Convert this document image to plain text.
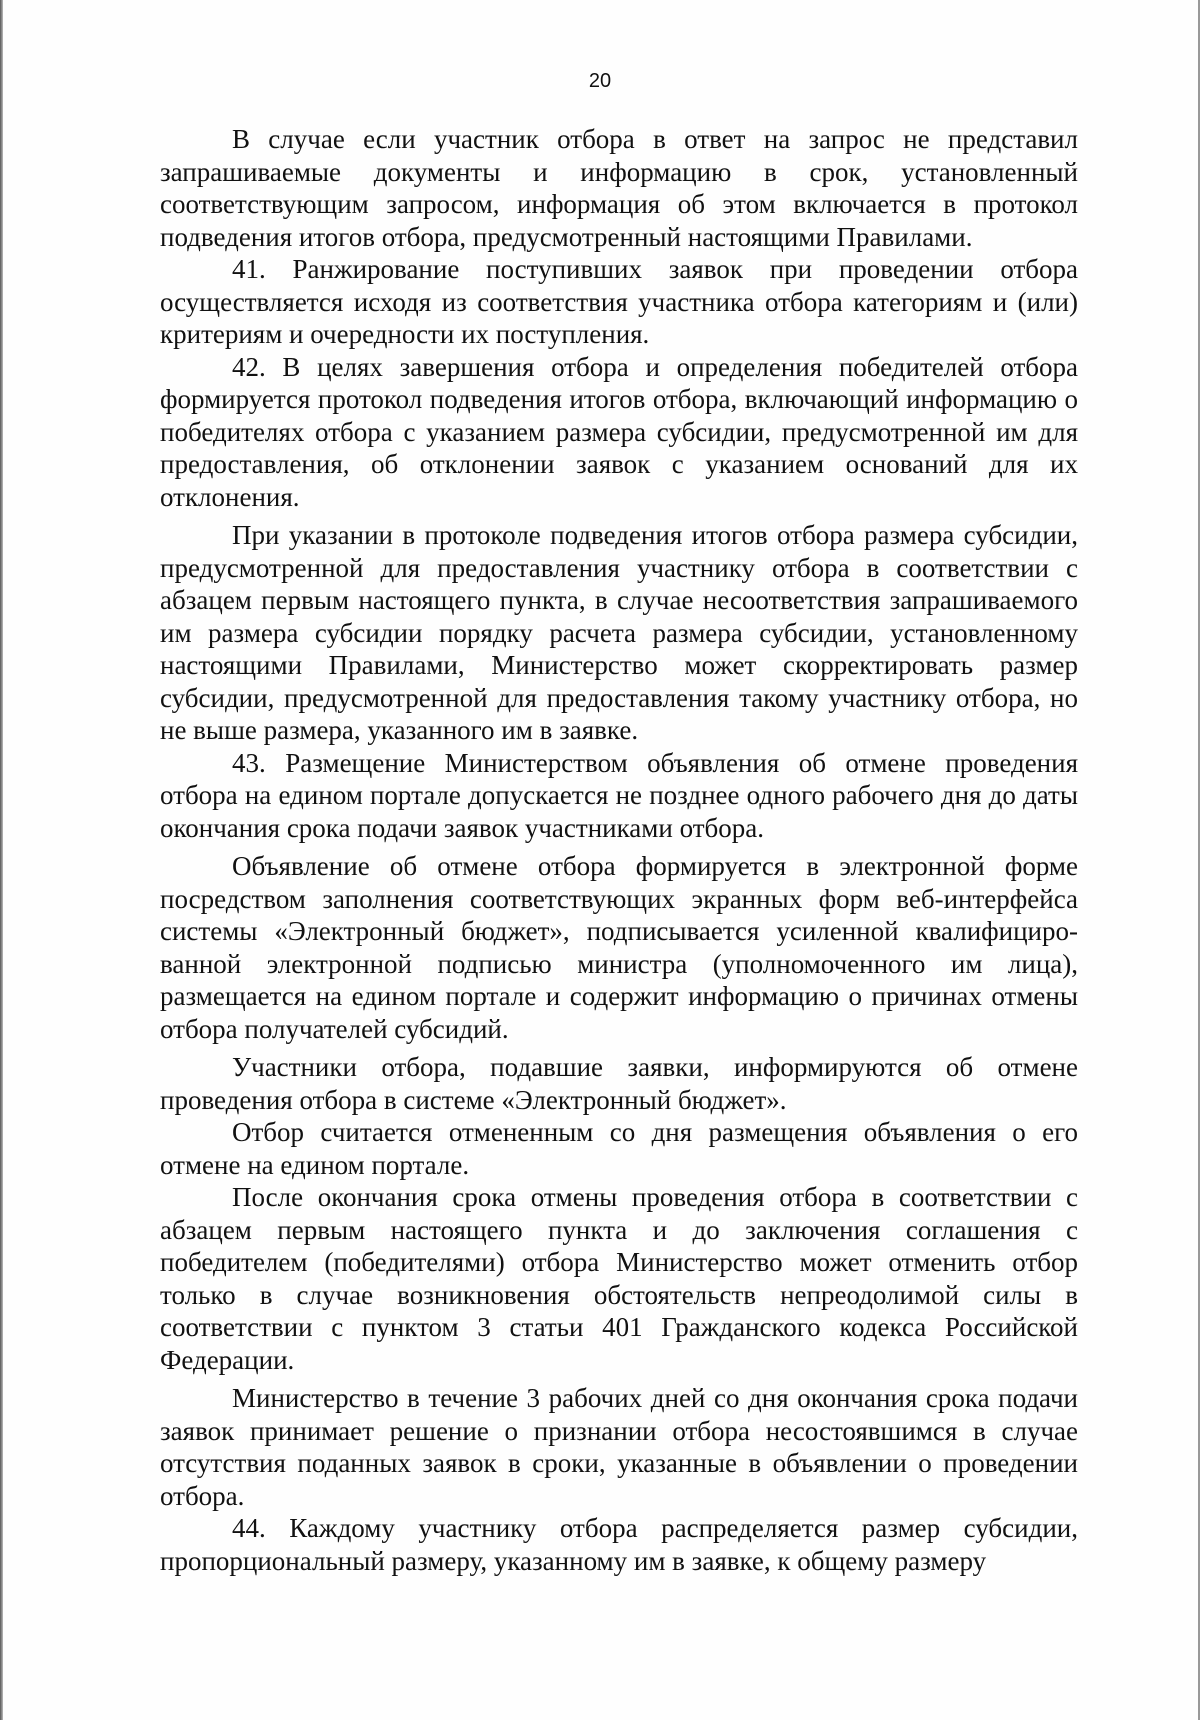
20

В случае если участник отбора в ответ на запрос не представил запрашиваемые документы и информацию в срок, установленный соответствующим запросом, информация об этом включается в протокол подведения итогов отбора, предусмотренный настоящими Правилами.

41. Ранжирование поступивших заявок при проведении отбора осуществляется исходя из соответствия участника отбора категориям и (или) критериям и очередности их поступления.

42. В целях завершения отбора и определения победителей отбора формируется протокол подведения итогов отбора, включающий информацию о победителях отбора с указанием размера субсидии, предусмотренной им для предоставления, об отклонении заявок с указанием оснований для их отклонения.

При указании в протоколе подведения итогов отбора размера субсидии, предусмотренной для предоставления участнику отбора в соответствии с абзацем первым настоящего пункта, в случае несоответствия запрашиваемого им размера субсидии порядку расчета размера субсидии, установленному настоящими Правилами, Министерство может скорректировать размер субсидии, предусмотренной для предоставления такому участнику отбора, но не выше размера, указанного им в заявке.

43. Размещение Министерством объявления об отмене проведения отбора на едином портале допускается не позднее одного рабочего дня до даты окончания срока подачи заявок участниками отбора.

Объявление об отмене отбора формируется в электронной форме посредством заполнения соответствующих экранных форм веб-интерфейса системы «Электронный бюджет», подписывается усиленной квалифицированной электронной подписью министра (уполномоченного им лица), размещается на едином портале и содержит информацию о причинах отмены отбора получателей субсидий.

Участники отбора, подавшие заявки, информируются об отмене проведения отбора в системе «Электронный бюджет».

Отбор считается отмененным со дня размещения объявления о его отмене на едином портале.

После окончания срока отмены проведения отбора в соответствии с абзацем первым настоящего пункта и до заключения соглашения с победителем (победителями) отбора Министерство может отменить отбор только в случае возникновения обстоятельств непреодолимой силы в соответствии с пунктом 3 статьи 401 Гражданского кодекса Российской Федерации.

Министерство в течение 3 рабочих дней со дня окончания срока подачи заявок принимает решение о признании отбора несостоявшимся в случае отсутствия поданных заявок в сроки, указанные в объявлении о проведении отбора.

44. Каждому участнику отбора распределяется размер субсидии, пропорциональный размеру, указанному им в заявке, к общему размеру
